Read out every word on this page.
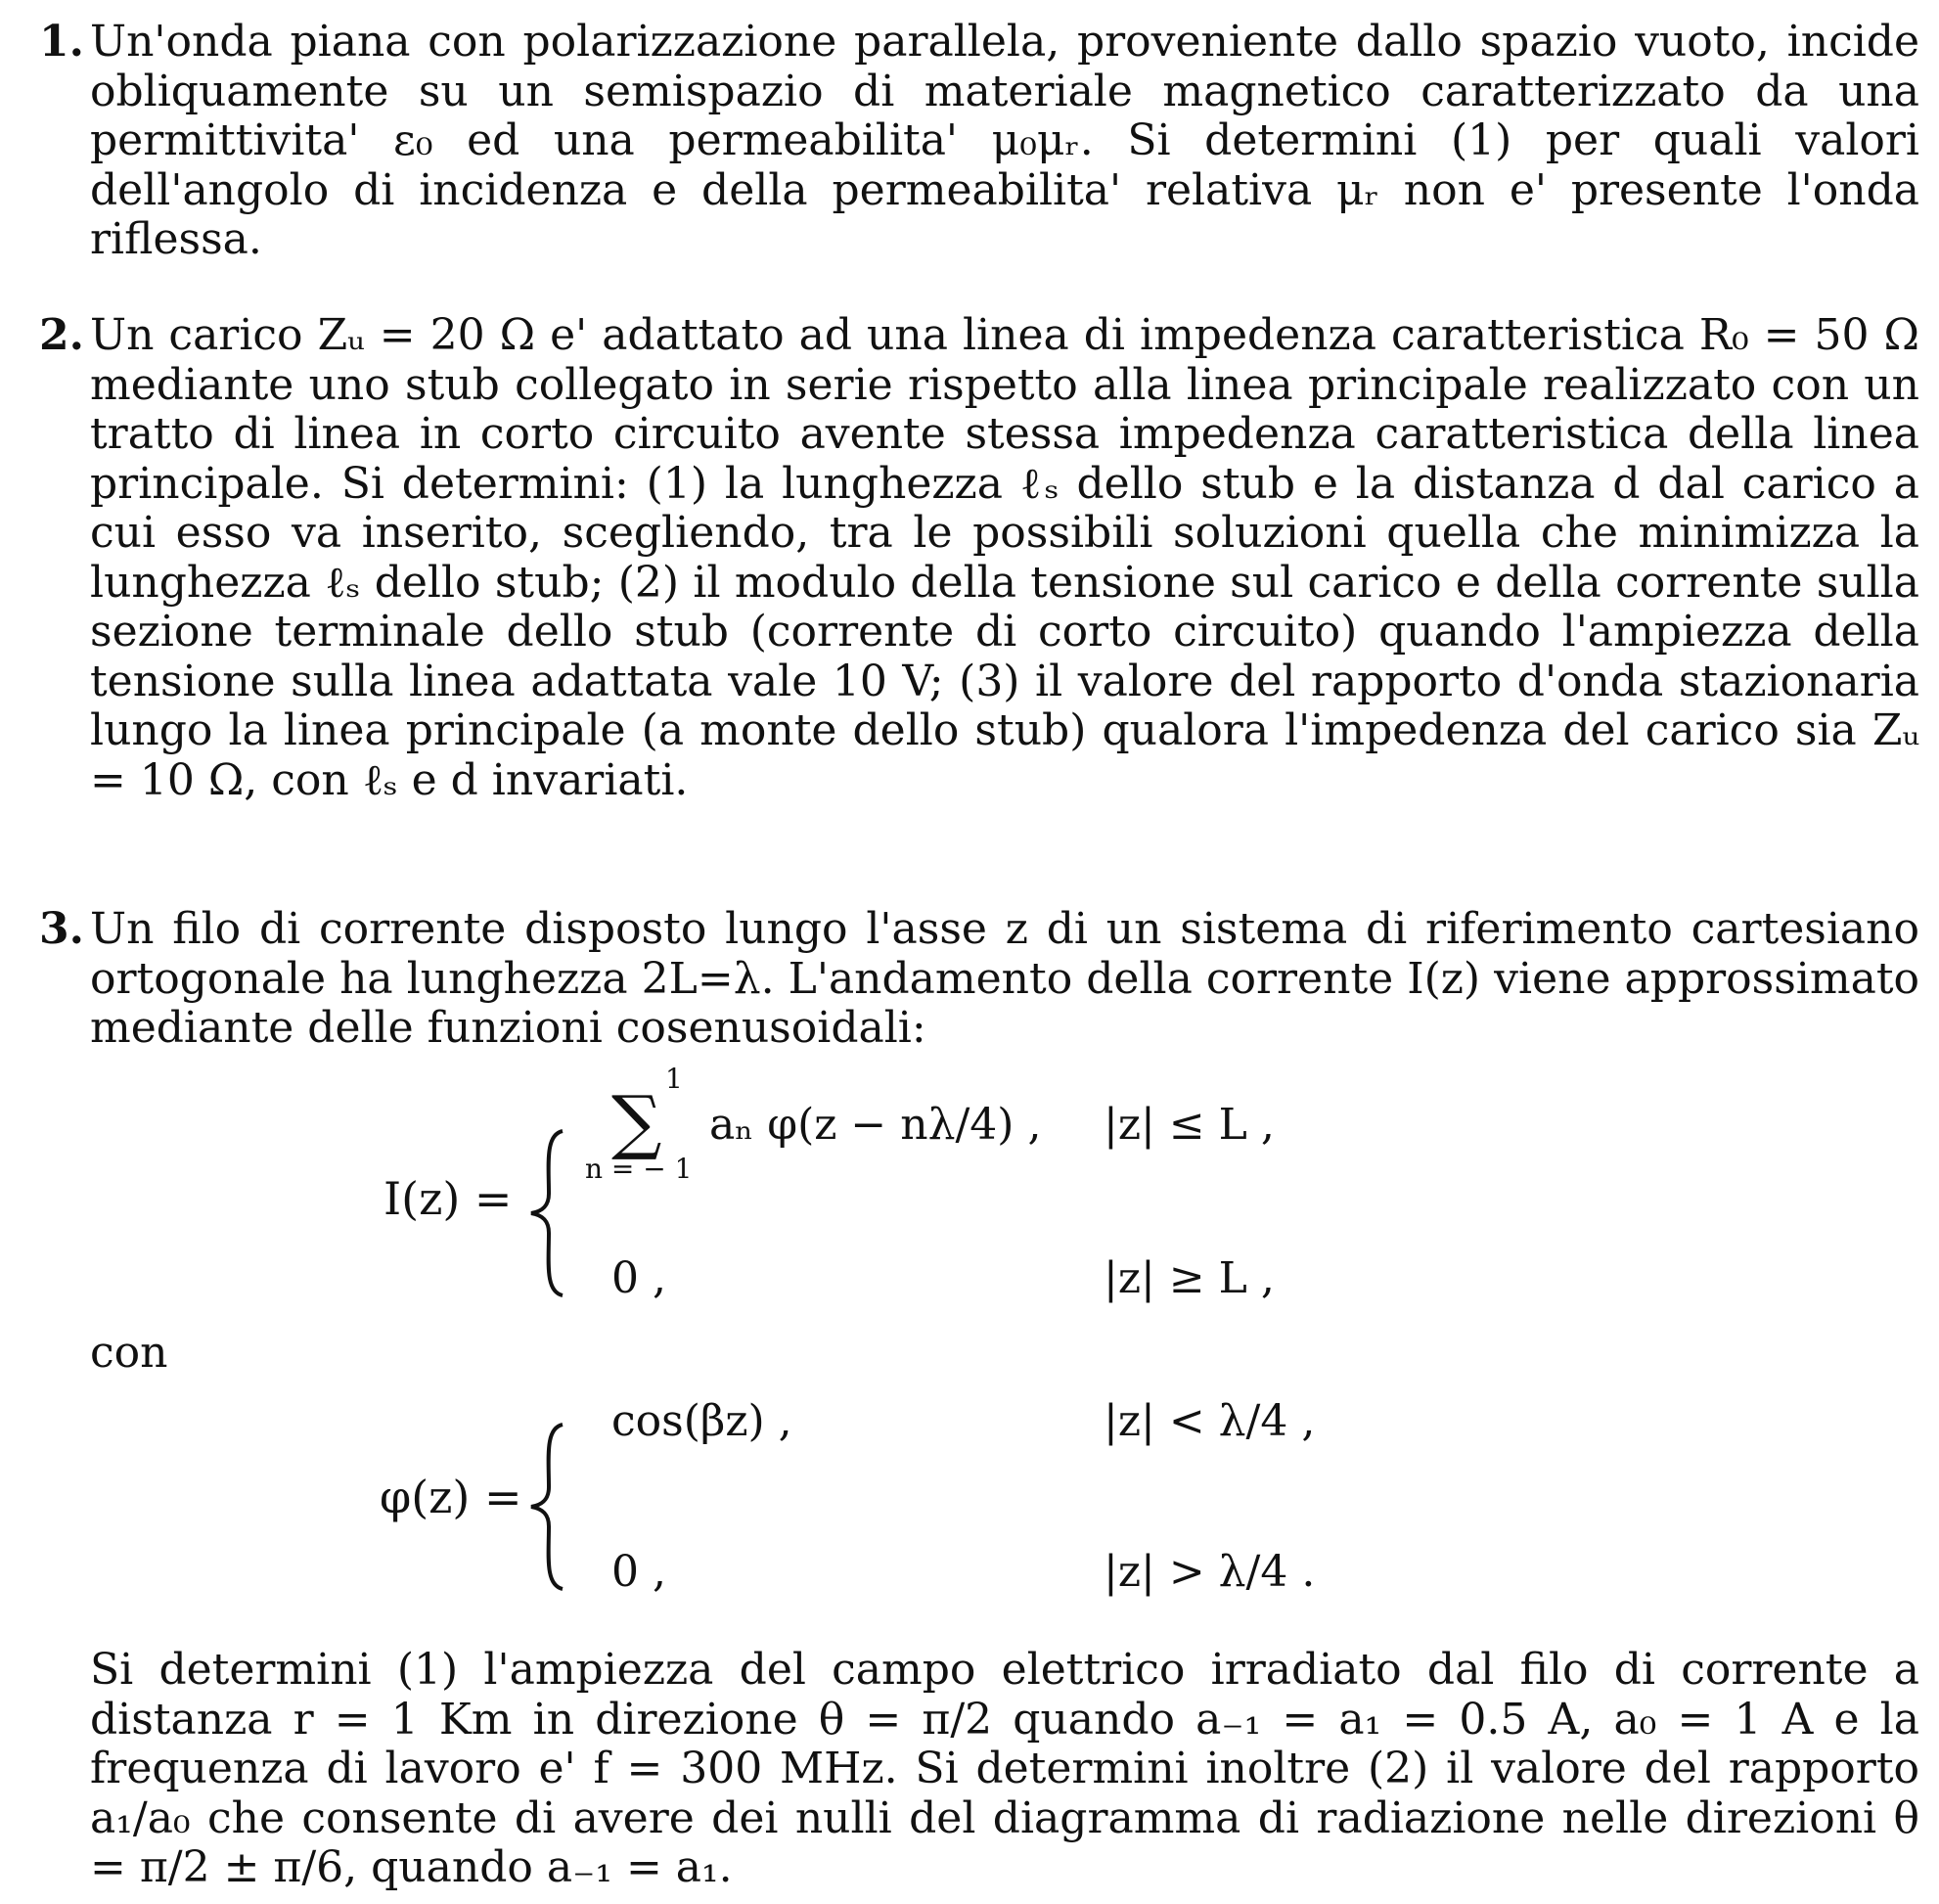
1. Un'onda piana con polarizzazione parallela, proveniente dallo spazio vuoto, incide obliquamente su un semispazio di materiale magnetico caratterizzato da una permittivita' ε₀ ed una permeabilita' μ₀μᵣ. Si determini (1) per quali valori dell'angolo di incidenza e della permeabilita' relativa μᵣ non e' presente l'onda riflessa.
2. Un carico Zᵤ = 20 Ω e' adattato ad una linea di impedenza caratteristica R₀ = 50 Ω mediante uno stub collegato in serie rispetto alla linea principale realizzato con un tratto di linea in corto circuito avente stessa impedenza caratteristica della linea principale. Si determini: (1) la lunghezza ℓₛ dello stub e la distanza d dal carico a cui esso va inserito, scegliendo, tra le possibili soluzioni quella che minimizza la lunghezza ℓₛ dello stub; (2) il modulo della tensione sul carico e della corrente sulla sezione terminale dello stub (corrente di corto circuito) quando l'ampiezza della tensione sulla linea adattata vale 10 V; (3) il valore del rapporto d'onda stazionaria lungo la linea principale (a monte dello stub) qualora l'impedenza del carico sia Zᵤ = 10 Ω, con ℓₛ e d invariati.
3. Un filo di corrente disposto lungo l'asse z di un sistema di riferimento cartesiano ortogonale ha lunghezza 2L=λ. L'andamento della corrente I(z) viene approssimato mediante delle funzioni cosenusoidali:
I(z) =
1
∑
n = − 1
aₙ φ(z − nλ/4) , |z| ≤ L ,
0 ,	|z| ≥ L ,
con
φ(z) =
cos(βz) ,	|z| < λ/4 ,
0 ,	|z| > λ/4 .
Si determini (1) l'ampiezza del campo elettrico irradiato dal filo di corrente a distanza r = 1 Km in direzione θ = π/2 quando a₋₁ = a₁ = 0.5 A, a₀ = 1 A e la frequenza di lavoro e' f = 300 MHz. Si determini inoltre (2) il valore del rapporto a₁/a₀ che consente di avere dei nulli del diagramma di radiazione nelle direzioni θ = π/2 ± π/6, quando a₋₁ = a₁.
